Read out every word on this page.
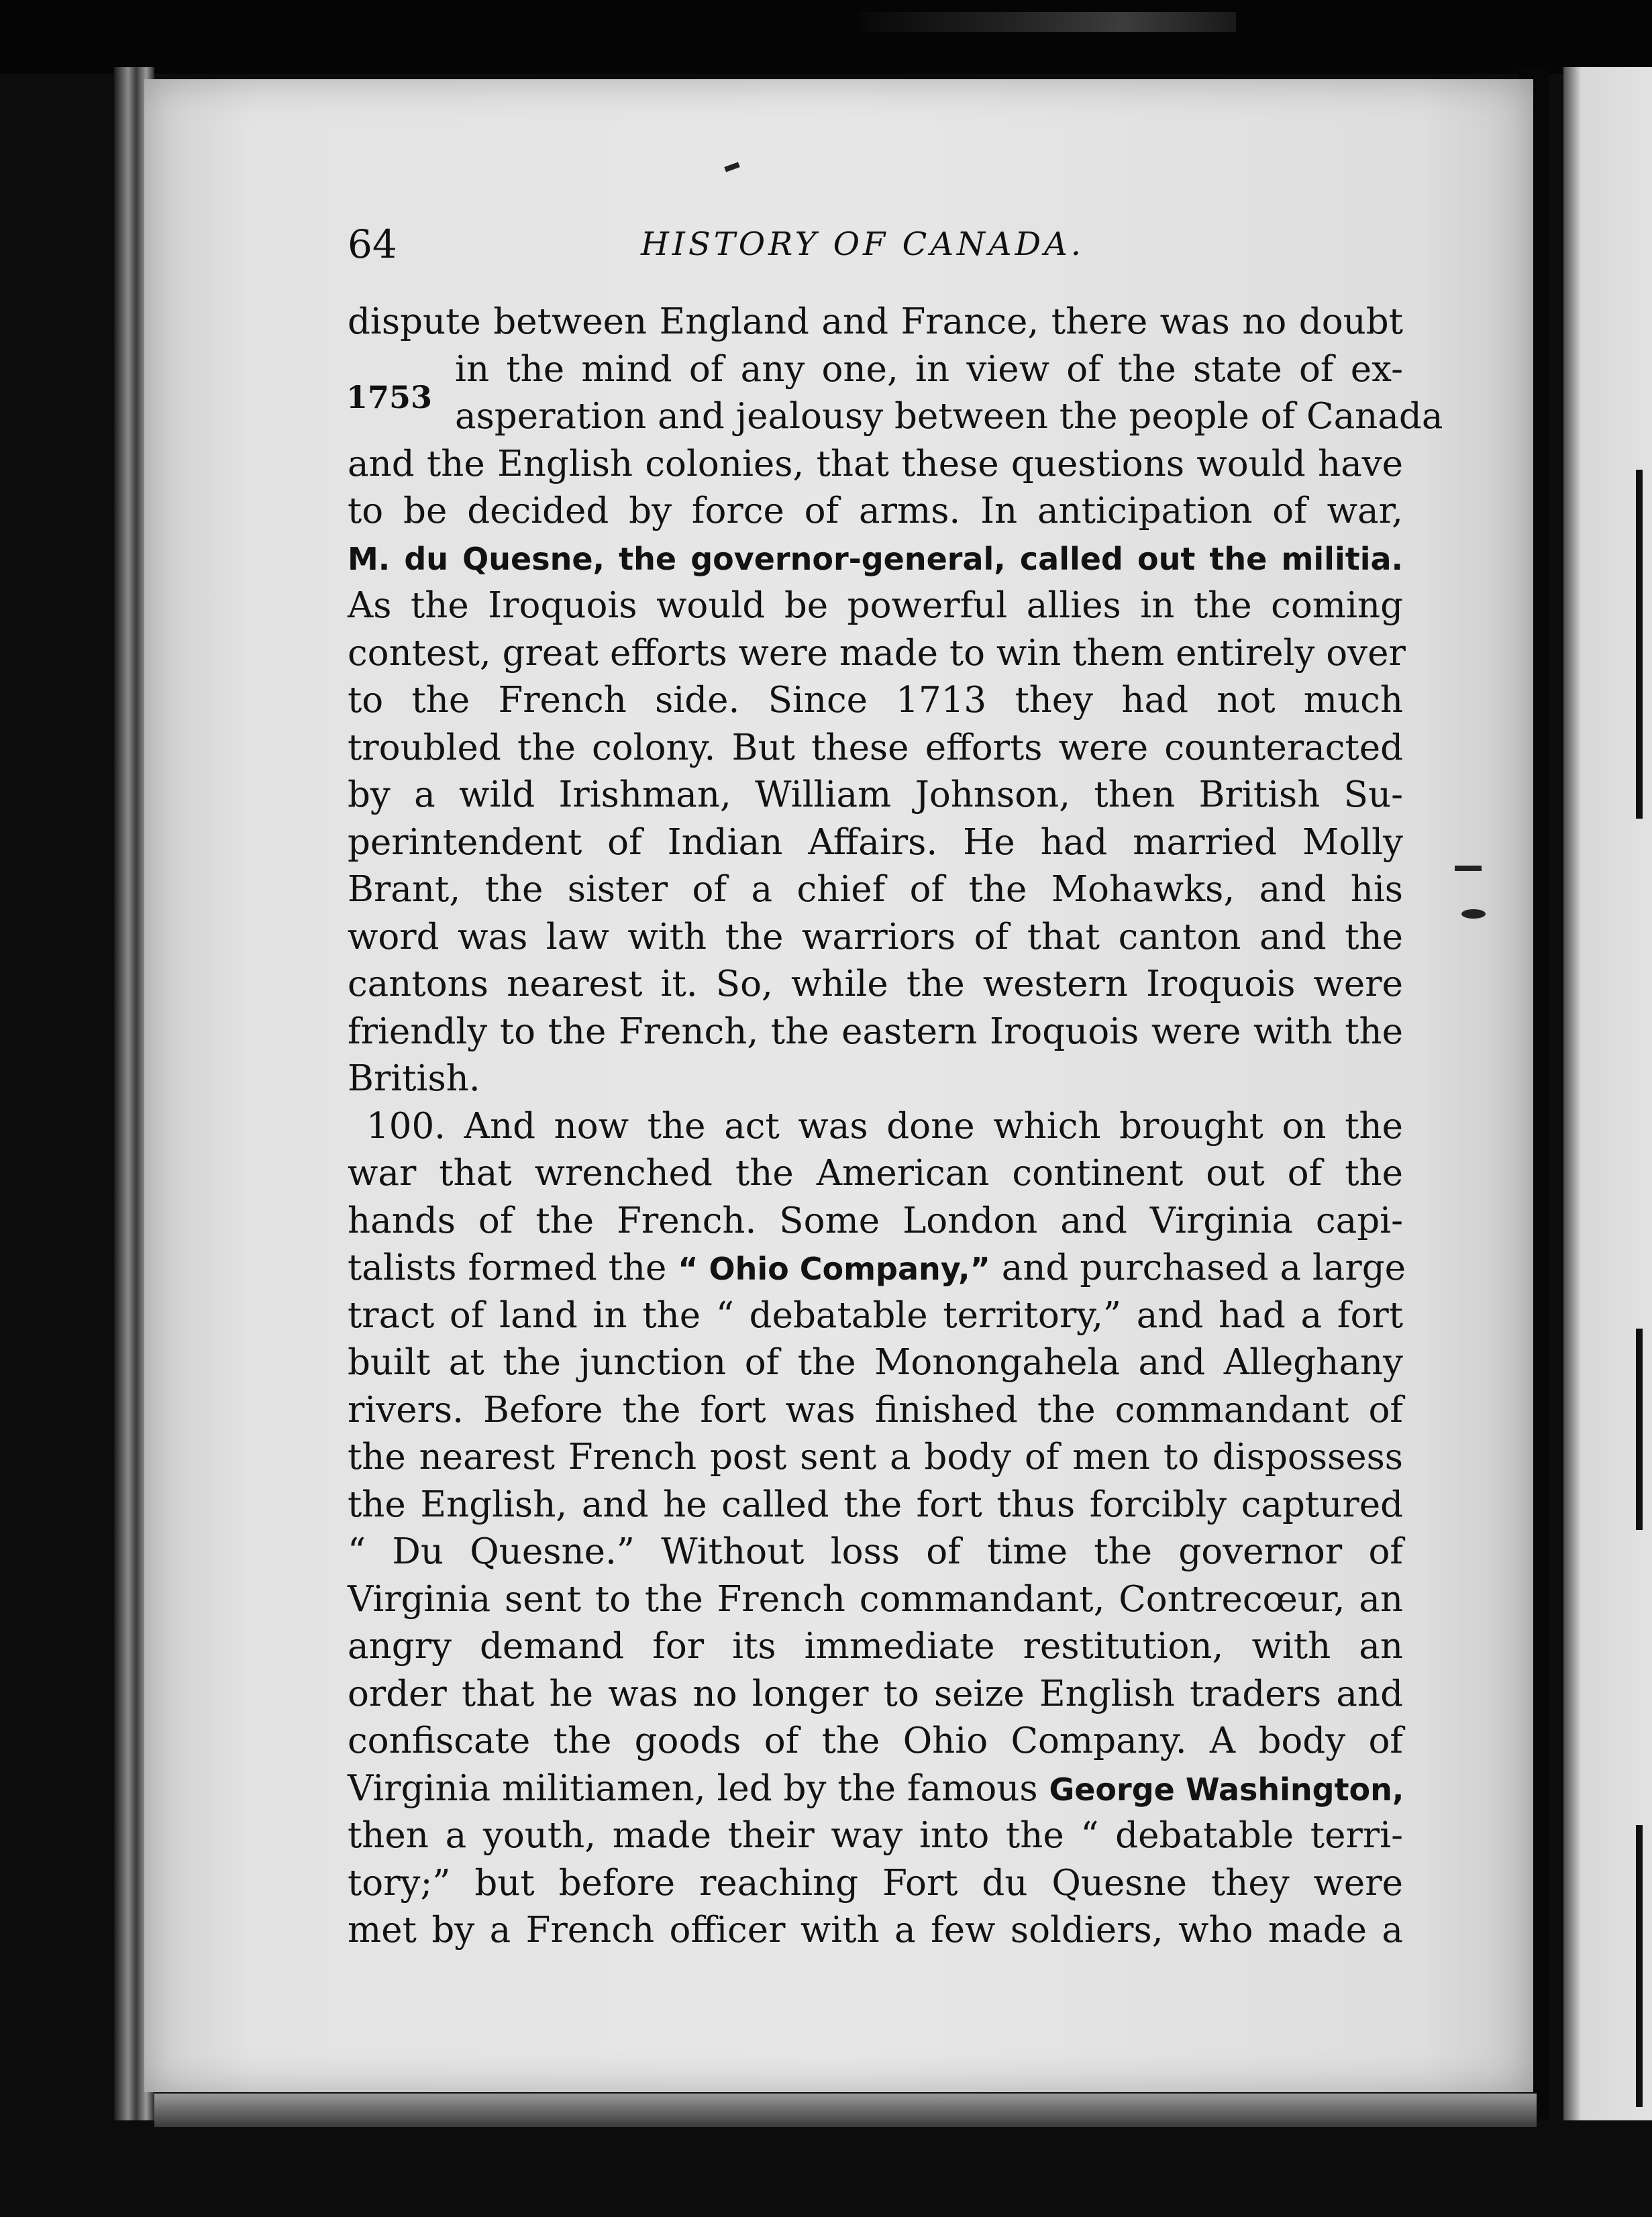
64	HISTORY OF CANADA.
1753
dispute between England and France, there was no doubt
in the mind of any one, in view of the state of ex-
asperation and jealousy between the people of Canada
and the English colonies, that these questions would have
to be decided by force of arms. In anticipation of war,
M. du Quesne, the governor-general, called out the militia.
As the Iroquois would be powerful allies in the coming
contest, great efforts were made to win them entirely over
to the French side. Since 1713 they had not much
troubled the colony. But these efforts were counteracted
by a wild Irishman, William Johnson, then British Su-
perintendent of Indian Affairs. He had married Molly
Brant, the sister of a chief of the Mohawks, and his
word was law with the warriors of that canton and the
cantons nearest it. So, while the western Iroquois were
friendly to the French, the eastern Iroquois were with the
British.
100. And now the act was done which brought on the
war that wrenched the American continent out of the
hands of the French. Some London and Virginia capi-
talists formed the “ Ohio Company,” and purchased a large
tract of land in the “ debatable territory,” and had a fort
built at the junction of the Monongahela and Alleghany
rivers. Before the fort was finished the commandant of
the nearest French post sent a body of men to dispossess
the English, and he called the fort thus forcibly captured
“ Du Quesne.” Without loss of time the governor of
Virginia sent to the French commandant, Contrecœur, an
angry demand for its immediate restitution, with an
order that he was no longer to seize English traders and
confiscate the goods of the Ohio Company. A body of
Virginia militiamen, led by the famous George Washington,
then a youth, made their way into the “ debatable terri-
tory;” but before reaching Fort du Quesne they were
met by a French officer with a few soldiers, who made a
